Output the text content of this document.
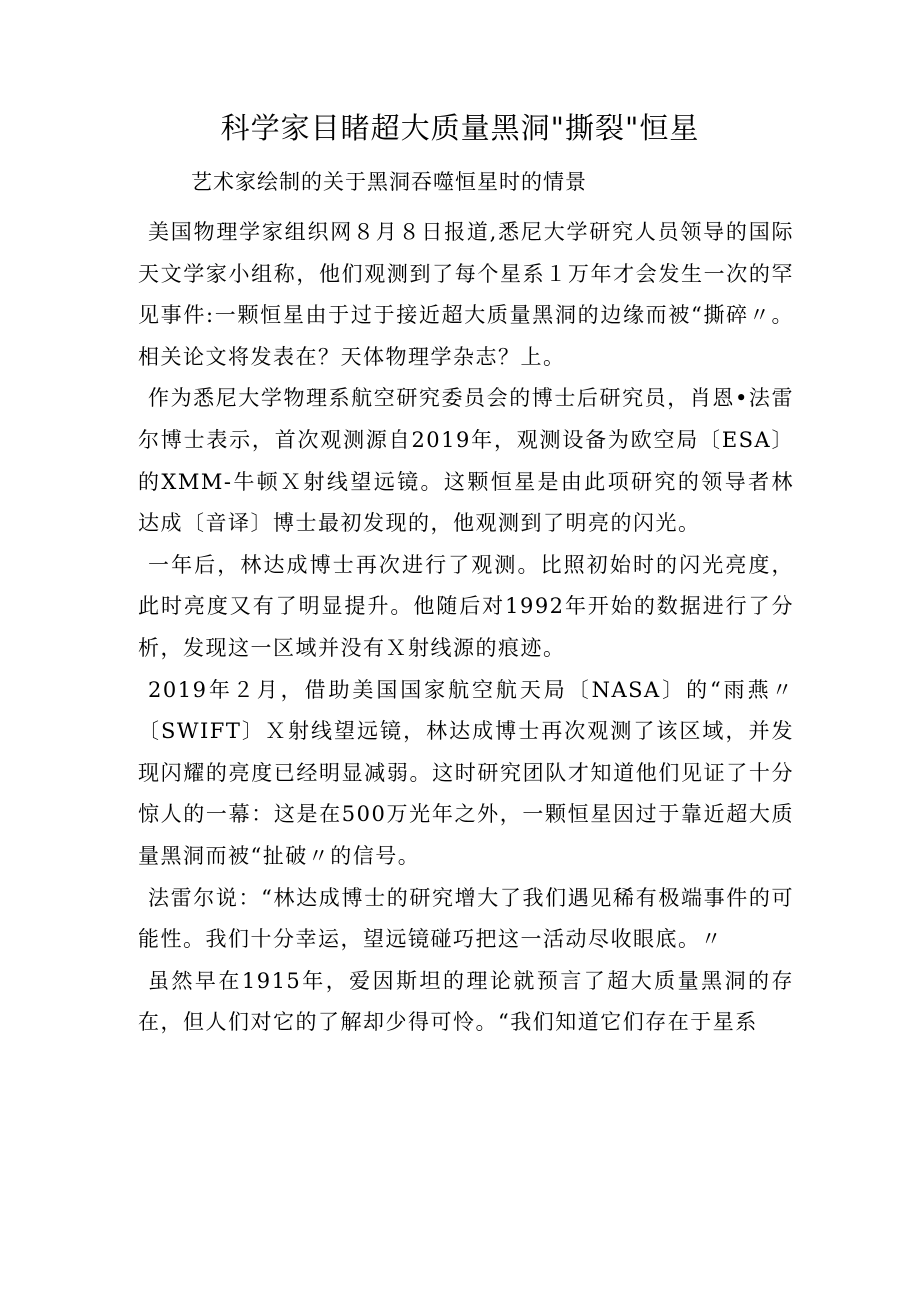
科学家目睹超大质量黑洞"撕裂"恒星
艺术家绘制的关于黑洞吞噬恒星时的情景

美国物理学家组织网８月８日报道,悉尼大学研究人员领导的国际天文学家小组称，他们观测到了每个星系１万年才会发生一次的罕见事件:一颗恒星由于过于接近超大质量黑洞的边缘而被“撕碎〃。相关论文将发表在？天体物理学杂志？上。

作为悉尼大学物理系航空研究委员会的博士后研究员，肖恩•法雷尔博士表示，首次观测源自2019年，观测设备为欧空局〔ESA〕的XMM-牛顿Ｘ射线望远镜。这颗恒星是由此项研究的领导者林达成〔音译〕博士最初发现的，他观测到了明亮的闪光。

一年后，林达成博士再次进行了观测。比照初始时的闪光亮度，此时亮度又有了明显提升。他随后对1992年开始的数据进行了分析，发现这一区域并没有Ｘ射线源的痕迹。

2019年２月，借助美国国家航空航天局〔NASA〕的“雨燕〃〔SWIFT〕Ｘ射线望远镜，林达成博士再次观测了该区域，并发现闪耀的亮度已经明显减弱。这时研究团队才知道他们见证了十分惊人的一幕：这是在500万光年之外，一颗恒星因过于靠近超大质量黑洞而被“扯破〃的信号。

法雷尔说：“林达成博士的研究增大了我们遇见稀有极端事件的可能性。我们十分幸运，望远镜碰巧把这一活动尽收眼底。〃

虽然早在1915年，爱因斯坦的理论就预言了超大质量黑洞的存在，但人们对它的了解却少得可怜。“我们知道它们存在于星系
